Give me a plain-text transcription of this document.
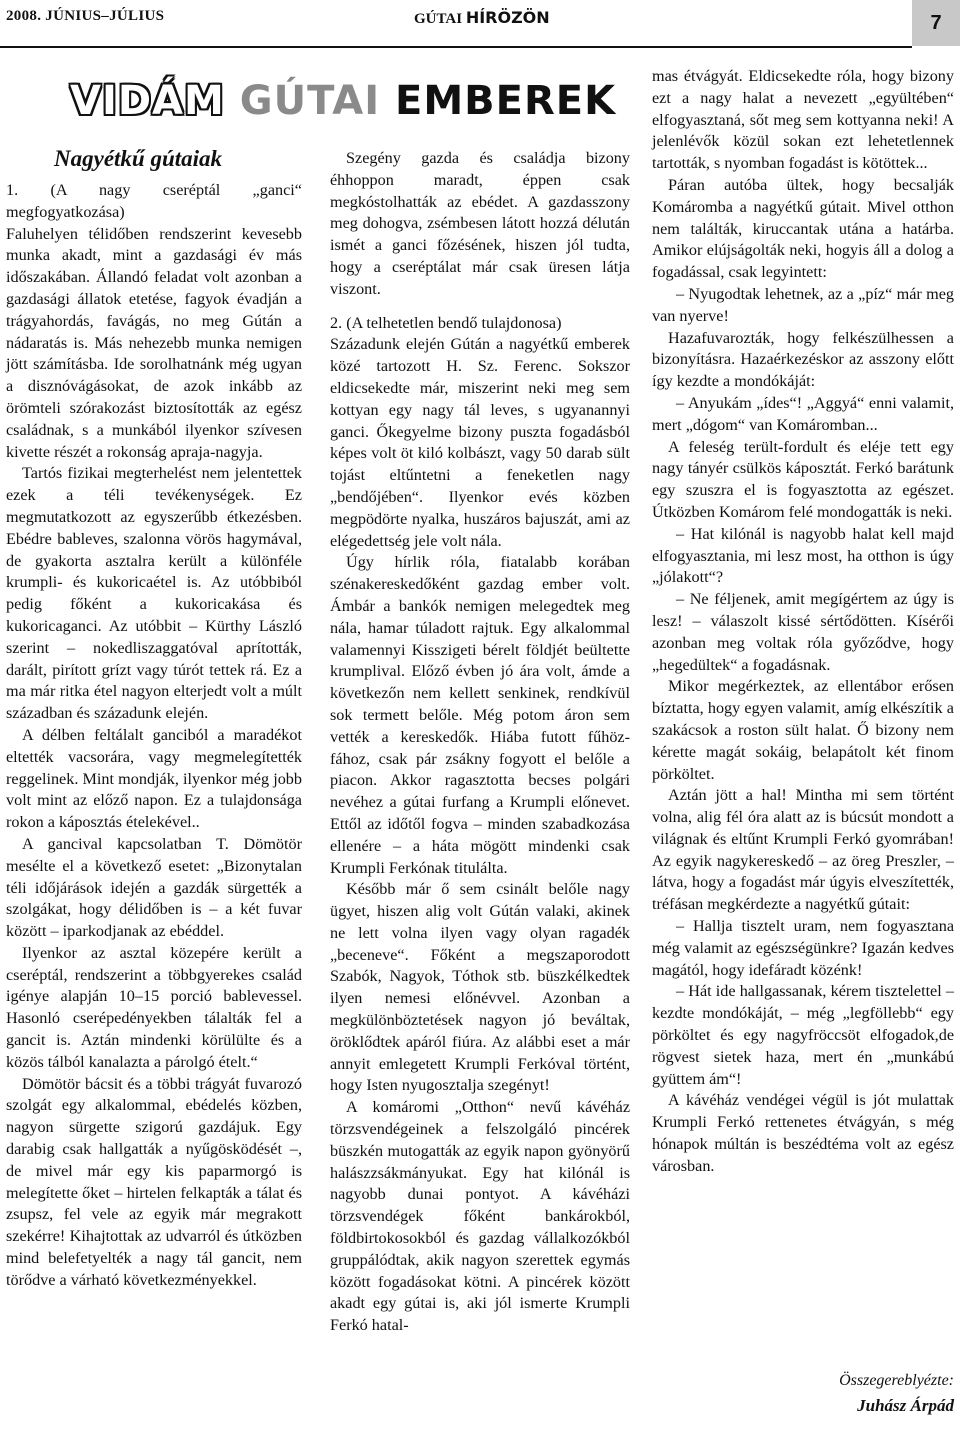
2008. JÚNIUS–JÚLIUS	GÚTAI HÍRÖZÖN	7
VIDÁM GÚTAI EMBEREK
Nagyétkű gútaiak

1. (A nagy cseréptál „ganci“ megfogyatkozása)

Faluhelyen télidőben rendszerint kevesebb munka akadt, mint a gazdasági év más időszakában. Állandó feladat volt azonban a gazdasági állatok etetése, fagyok évadján a trágyahordás, favágás, no meg Gútán a nádaratás is. Más nehezebb munka nemigen jött számításba. Ide sorolhatnánk még ugyan a disznóvágásokat, de azok inkább az örömteli szórakozást biztosították az egész családnak, s a munkából ilyenkor szívesen kivette részét a rokonság apraja-nagyja.

Tartós fizikai megterhelést nem jelentettek ezek a téli tevékenységek. Ez megmutatkozott az egyszerűbb étkezésben. Ebédre bableves, szalonna vörös hagymával, de gyakorta asztalra került a különféle krumpli- és kukoricaétel is. Az utóbbiból pedig főként a kukoricakása és kukoricaganci. Az utóbbit – Kürthy László szerint – nokedliszaggatóval aprították, darált, pirított grízt vagy túrót tettek rá. Ez a ma már ritka étel nagyon elterjedt volt a múlt században és századunk elején.

A délben feltálalt ganciból a maradékot eltették vacsorára, vagy megmelegítették reggelinek. Mint mondják, ilyenkor még jobb volt mint az előző napon. Ez a tulajdonsága rokon a káposztás ételekével..

A gancival kapcsolatban T. Dömötör mesélte el a következő esetet: „Bizonytalan téli időjárások idején a gazdák sürgették a szolgákat, hogy délidőben is – a két fuvar között – iparkodjanak az ebéddel.

Ilyenkor az asztal közepére került a cseréptál, rendszerint a többgyerekes család igénye alapján 10–15 porció bablevessel. Hasonló cserépedényekben tálalták fel a gancit is. Aztán mindenki körülülte és a közös tálból kanalazta a párolgó ételt.“

Dömötör bácsit és a többi trágyát fuvarozó szolgát egy alkalommal, ebédelés közben, nagyon sürgette szigorú gazdájuk. Egy darabig csak hallgatták a nyűgösködését –, de mivel már egy kis paparmorgó is melegítette őket – hirtelen felkapták a tálat és zsupsz, fel vele az egyik már megrakott szekérre! Kihajtottak az udvarról és útközben mind belefetyelték a nagy tál gancit, nem törődve a várható következményekkel.

Szegény gazda és családja bizony éhhoppon maradt, éppen csak megkóstolhatták az ebédet. A gazdasszony meg dohogva, zsémbesen látott hozzá délután ismét a ganci főzésének, hiszen jól tudta, hogy a cseréptálat már csak üresen látja viszont.

2. (A telhetetlen bendő tulajdonosa)

Századunk elején Gútán a nagyétkű emberek közé tartozott H. Sz. Ferenc. Sokszor eldicsekedte már, miszerint neki meg sem kottyan egy nagy tál leves, s ugyanannyi ganci. Őkegyelme bizony puszta fogadásból képes volt öt kiló kolbászt, vagy 50 darab sült tojást eltűntetni a feneketlen nagy „bendőjében“. Ilyenkor evés közben megpödörte nyalka, huszáros bajuszát, ami az elégedettség jele volt nála.

Úgy hírlik róla, fiatalabb korában szénakereskedőként gazdag ember volt. Ámbár a bankók nemigen melegedtek meg nála, hamar túladott rajtuk. Egy alkalommal valamennyi Kisszigeti bérelt földjét beültette krumplival. Előző évben jó ára volt, ámde a következőn nem kellett senkinek, rendkívül sok termett belőle. Még potom áron sem vették a kereskedők. Hiába futott fűhöz-fához, csak pár zsákny fogyott el belőle a piacon. Akkor ragasztotta becses polgári nevéhez a gútai furfang a Krumpli előnevet. Ettől az időtől fogva – minden szabadkozása ellenére – a háta mögött mindenki csak Krumpli Ferkónak titulálta.

Később már ő sem csinált belőle nagy ügyet, hiszen alig volt Gútán valaki, akinek ne lett volna ilyen vagy olyan ragadék „beceneve“. Főként a megszaporodott Szabók, Nagyok, Tóthok stb. büszkélkedtek ilyen nemesi előnévvel. Azonban a megkülönböztetések nagyon jó beváltak, öröklődtek apáról fiúra. Az alábbi eset a már annyit emlegetett Krumpli Ferkóval történt, hogy Isten nyugosztalja szegényt!

A komáromi „Otthon“ nevű kávéház törzsvendégeinek a felszolgáló pincérek büszkén mutogatták az egyik napon gyönyörű halászzsákmányukat. Egy hat kilónál is nagyobb dunai pontyot. A kávéházi törzsvendégek főként bankárokból, földbirtokosokból és gazdag vállalkozókból gruppálódtak, akik nagyon szerettek egymás között fogadásokat kötni. A pincérek között akadt egy gútai is, aki jól ismerte Krumpli Ferkó hatal-

mas étvágyát. Eldicsekedte róla, hogy bizony ezt a nagy halat a nevezett „együltében“ elfogyasztaná, sőt meg sem kottyanna neki! A jelenlévők közül sokan ezt lehetetlennek tartották, s nyomban fogadást is kötöttek...

Páran autóba ültek, hogy becsalják Komáromba a nagyétkű gútait. Mivel otthon nem találták, kiruccantak utána a határba. Amikor elújságolták neki, hogyis áll a dolog a fogadással, csak legyintett:

– Nyugodtak lehetnek, az a „píz“ már meg van nyerve!

Hazafuvarozták, hogy felkészülhessen a bizonyításra. Hazaérkezéskor az asszony előtt így kezdte a mondókáját:

– Anyukám „ídes“! „Aggyá“ enni valamit, mert „dógom“ van Komáromban...

A feleség terült-fordult és eléje tett egy nagy tányér csülkös káposztát. Ferkó barátunk egy szuszra el is fogyasztotta az egészet. Útközben Komárom felé mondogatták is neki.

– Hat kilónál is nagyobb halat kell majd elfogyasztania, mi lesz most, ha otthon is úgy „jólakott“?

– Ne féljenek, amit megígértem az úgy is lesz! – válaszolt kissé sértődötten. Kísérői azonban meg voltak róla győződve, hogy „hegedültek“ a fogadásnak.

Mikor megérkeztek, az ellentábor erősen bíztatta, hogy egyen valamit, amíg elkészítik a szakácsok a roston sült halat. Ő bizony nem kérette magát sokáig, belapátolt két finom pörköltet.

Aztán jött a hal! Mintha mi sem történt volna, alig fél óra alatt az is búcsút mondott a világnak és eltűnt Krumpli Ferkó gyomrában! Az egyik nagykereskedő – az öreg Preszler, – látva, hogy a fogadást már úgyis elveszítették, tréfásan megkérdezte a nagyétkű gútait:

– Hallja tisztelt uram, nem fogyasztana még valamit az egészségünkre? Igazán kedves magától, hogy idefáradt közénk!

– Hát ide hallgassanak, kérem tisztelettel – kezdte mondókáját, – még „legföllebb“ egy pörköltet és egy nagyfröccsöt elfogadok,de rögvest sietek haza, mert én „munkábú gyüttem ám“!

A kávéház vendégei végül is jót mulattak Krumpli Ferkó rettenetes étvágyán, s még hónapok múltán is beszédtéma volt az egész városban.

Összegereblyézte:
Juhász Árpád
